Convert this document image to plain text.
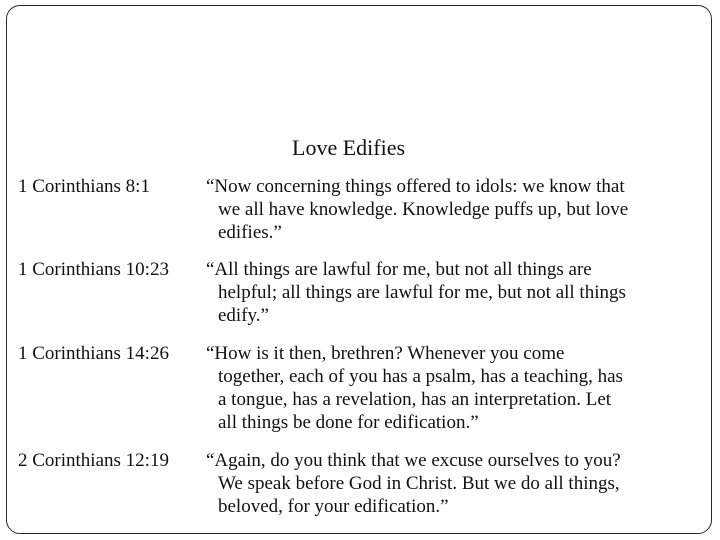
Love Edifies
1 Corinthians 8:1	“Now concerning things offered to idols: we know that
we all have knowledge. Knowledge puffs up, but love
edifies.”
1 Corinthians 10:23 “All things are lawful for me, but not all things are
helpful; all things are lawful for me, but not all things
edify.”
1 Corinthians 14:26 “How is it then, brethren? Whenever you come
together, each of you has a psalm, has a teaching, has
a tongue, has a revelation, has an interpretation. Let
all things be done for edification.”
2 Corinthians 12:19 “Again, do you think that we excuse ourselves to you?
We speak before God in Christ. But we do all things,
beloved, for your edification.”
